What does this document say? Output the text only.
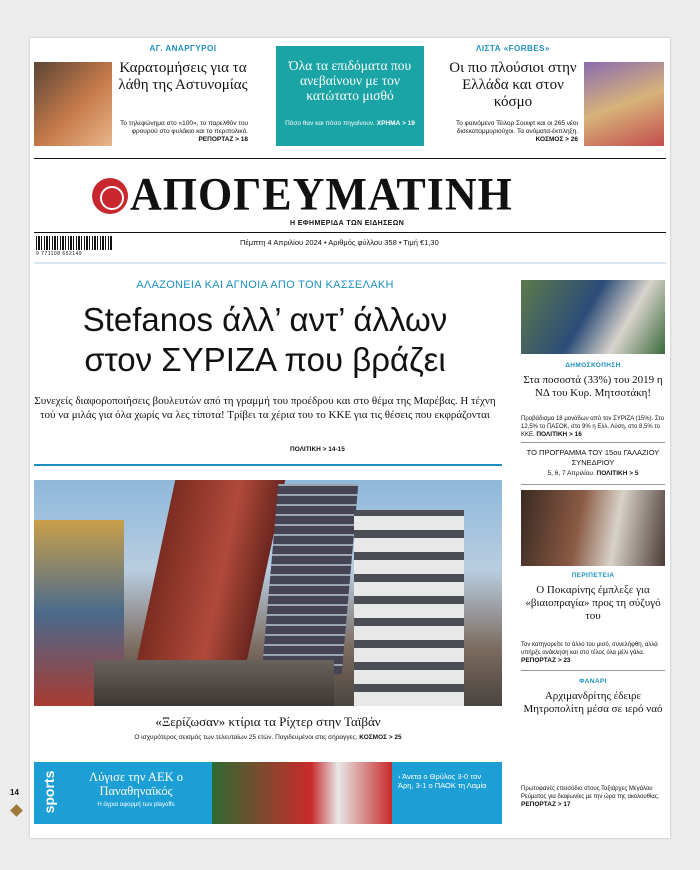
ΑΓ. ΑΝΑΡΓΥΡΟΙ
Καρατομήσεις για τα λάθη της Αστυνομίας
Το τηλεφώνημα στο «100», το παρελθόν του φρουρού στο φυλάκιο και το περιπολικό. ΡΕΠΟΡΤΑΖ > 18
Όλα τα επιδόματα που ανεβαίνουν με τον κατώτατο μισθό
Πόσο θαν και πόσο πηγαίνουν. ΧΡΗΜΑ > 19
ΛΙΣΤΑ «FORBES»
Οι πιο πλούσιοι στην Ελλάδα και στον κόσμο
Το φαινόμενο Τέιλορ Σουιφτ και οι 265 νέοι δισεκατομμυριούχοι. Τα ονόματα-έκπληξη. ΚΟΣΜΟΣ > 26
ΑΠΟΓΕΥΜΑΤΙΝΗ
Η ΕΦΗΜΕΡΙΔΑ ΤΩΝ ΕΙΔΗΣΕΩΝ
9 771108 652149
Πέμπτη 4 Απριλίου 2024 • Αριθμός φύλλου 358 • Τιμή €1,30
ΑΛΑΖΟΝΕΙΑ ΚΑΙ ΑΓΝΟΙΑ ΑΠΟ ΤΟΝ ΚΑΣΣΕΛΑΚΗ
Stefanos άλλ’ αντ’ άλλων
στον ΣΥΡΙΖΑ που βράζει
Συνεχείς διαφοροποιήσεις βουλευτών από τη γραμμή του προέδρου και στο θέμα της Μαρέβας. Η τέχνη τού να μιλάς για όλα χωρίς να λες τίποτα! Τρίβει τα χέρια του το ΚΚΕ για τις θέσεις που εκφράζονται
ΠΟΛΙΤΙΚΗ > 14-15
«Ξερίζωσαν» κτίρια τα Ρίχτερ στην Ταϊβάν
Ο ισχυρότερος σεισμός των τελευταίων 25 ετών. Παγιδευμένοι στις σήραγγες. ΚΟΣΜΟΣ > 25
sports	Λύγισε την ΑΕΚ ο Παναθηναϊκός
Η άγρια αφορμή των playoffs
› Άνετα ο Θρύλος 3-0 τον Άρη, 3-1 ο ΠΑΟΚ τη Λαμία
ΔΗΜΟΣΚΟΠΗΣΗ
Στα ποσοστά (33%) του 2019 η ΝΔ του Κυρ. Μητσοτάκη!
Προβάδισμα 18 μονάδων από τον ΣΥΡΙΖΑ (15%). Στο 12,5% το ΠΑΣΟΚ, στο 9% η Ελλ. Λύση, στο 8,5% το ΚΚΕ. ΠΟΛΙΤΙΚΗ > 16
ΤΟ ΠΡΟΓΡΑΜΜΑ ΤΟΥ 15ου ΓΑΛΑΖΙΟΥ ΣΥΝΕΔΡΙΟΥ
5, 6, 7 Απριλίου. ΠΟΛΙΤΙΚΗ > 5
ΠΕΡΙΠΕΤΕΙΑ
Ο Ποκαρίνης έμπλεξε για «βιαιοπραγία» προς τη σύζυγό του
Τον κατηγορείτε το άλλο του μισό, συνελήφθη, αλλά υπήρξε ανάκληση και στο τέλος όλα μέλι γάλα. ΡΕΠΟΡΤΑΖ > 23
ΦΑΝΑΡΙ
Αρχιμανδρίτης έδειρε Μητροπολίτη μέσα σε ιερό ναό
Πρωτοφανές επεισόδιο στους Ταξιάρχες Μεγάλου Ρεύματος για διαφωνίες με την ώρα της ακολουθίας. ΡΕΠΟΡΤΑΖ > 17
14
